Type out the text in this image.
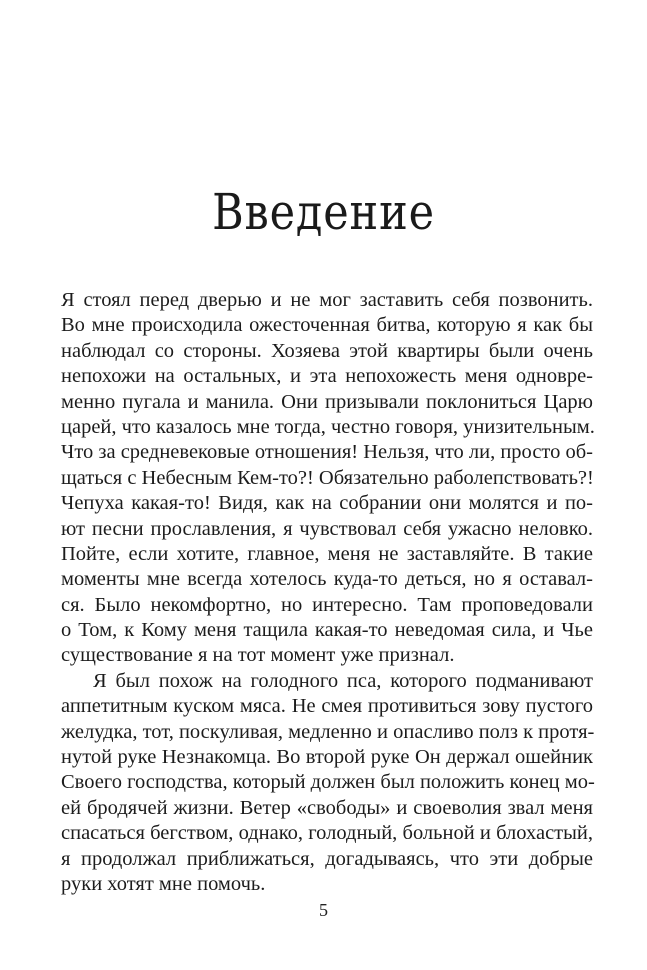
Введение
Я стоял перед дверью и не мог заставить себя позвонить.
Во мне происходила ожесточенная битва, которую я как бы
наблюдал со стороны. Хозяева этой квартиры были очень
непохожи на остальных, и эта непохожесть меня одновре-
менно пугала и манила. Они призывали поклониться Царю
царей, что казалось мне тогда, честно говоря, унизительным.
Что за средневековые отношения! Нельзя, что ли, просто об-
щаться с Небесным Кем-то?! Обязательно раболепствовать?!
Чепуха какая-то! Видя, как на собрании они молятся и по-
ют песни прославления, я чувствовал себя ужасно неловко.
Пойте, если хотите, главное, меня не заставляйте. В такие
моменты мне всегда хотелось куда-то деться, но я оставал-
ся. Было некомфортно, но интересно. Там проповедовали
о Том, к Кому меня тащила какая-то неведомая сила, и Чье
существование я на тот момент уже признал.
Я был похож на голодного пса, которого подманивают
аппетитным куском мяса. Не смея противиться зову пустого
желудка, тот, поскуливая, медленно и опасливо полз к протя-
нутой руке Незнакомца. Во второй руке Он держал ошейник
Своего господства, который должен был положить конец мо-
ей бродячей жизни. Ветер «свободы» и своеволия звал меня
спасаться бегством, однако, голодный, больной и блохастый,
я продолжал приближаться, догадываясь, что эти добрые
руки хотят мне помочь.
5
